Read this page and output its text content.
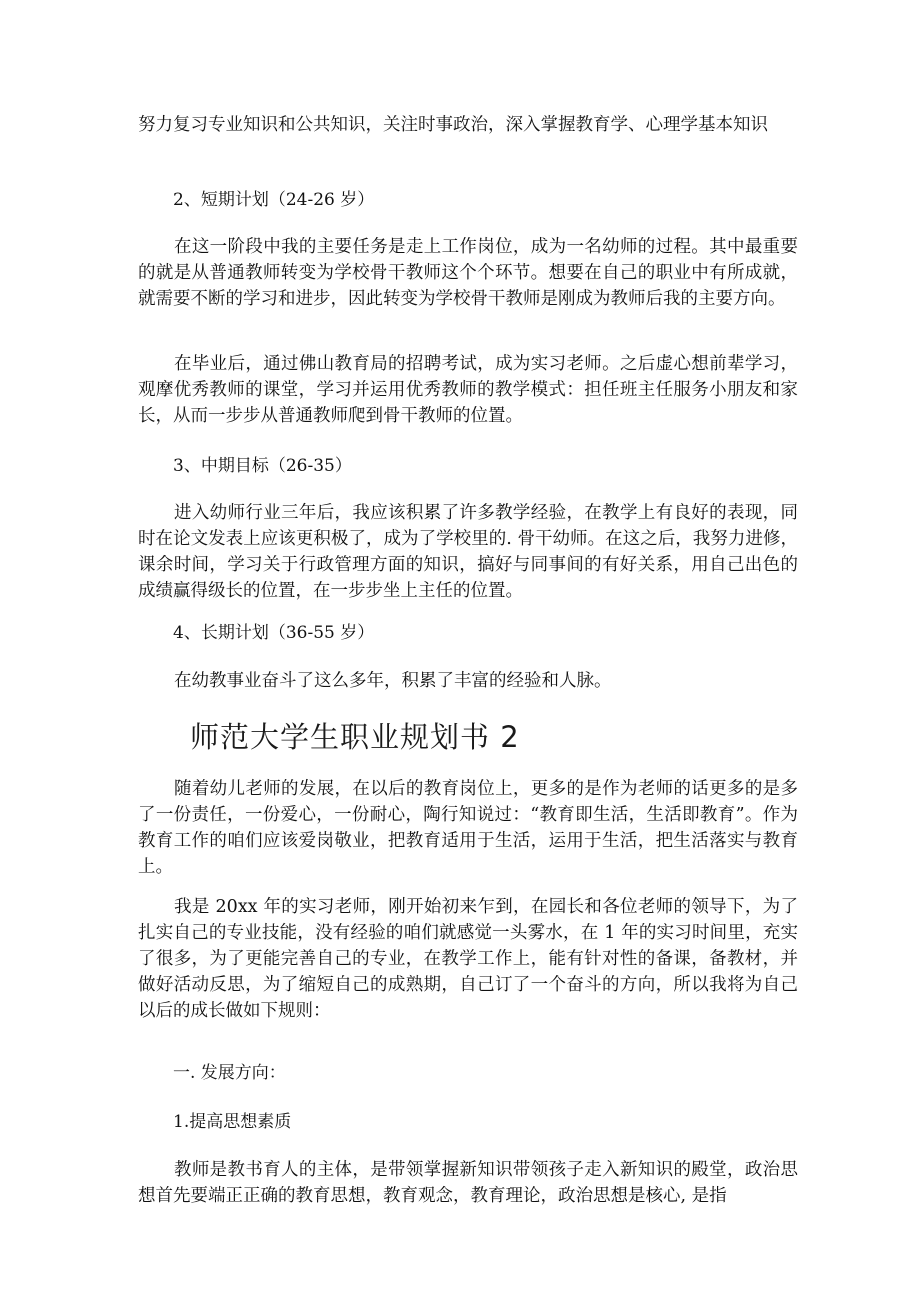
努力复习专业知识和公共知识，关注时事政治，深入掌握教育学、心理学基本知识

2、短期计划（24-26 岁）

在这一阶段中我的主要任务是走上工作岗位，成为一名幼师的过程。其中最重要的就是从普通教师转变为学校骨干教师这个个环节。想要在自己的职业中有所成就，就需要不断的学习和进步，因此转变为学校骨干教师是刚成为教师后我的主要方向。

在毕业后，通过佛山教育局的招聘考试，成为实习老师。之后虚心想前辈学习，观摩优秀教师的课堂，学习并运用优秀教师的教学模式：担任班主任服务小朋友和家长，从而一步步从普通教师爬到骨干教师的位置。

3、中期目标（26-35）

进入幼师行业三年后，我应该积累了许多教学经验，在教学上有良好的表现，同时在论文发表上应该更积极了，成为了学校里的. 骨干幼师。在这之后，我努力进修，课余时间，学习关于行政管理方面的知识，搞好与同事间的有好关系，用自己出色的成绩赢得级长的位置，在一步步坐上主任的位置。

4、长期计划（36-55 岁）

在幼教事业奋斗了这么多年，积累了丰富的经验和人脉。

师范大学生职业规划书 2

随着幼儿老师的发展，在以后的教育岗位上，更多的是作为老师的话更多的是多了一份责任，一份爱心，一份耐心，陶行知说过：“教育即生活，生活即教育”。作为教育工作的咱们应该爱岗敬业，把教育适用于生活，运用于生活，把生活落实与教育上。

我是 20xx 年的实习老师，刚开始初来乍到，在园长和各位老师的领导下，为了扎实自己的专业技能，没有经验的咱们就感觉一头雾水，在 1 年的实习时间里，充实了很多，为了更能完善自己的专业，在教学工作上，能有针对性的备课，备教材，并做好活动反思，为了缩短自己的成熟期，自己订了一个奋斗的方向，所以我将为自己以后的成长做如下规则：

一. 发展方向：

1.提高思想素质

教师是教书育人的主体，是带领掌握新知识带领孩子走入新知识的殿堂，政治思想首先要端正正确的教育思想，教育观念，教育理论，政治思想是核心, 是指
